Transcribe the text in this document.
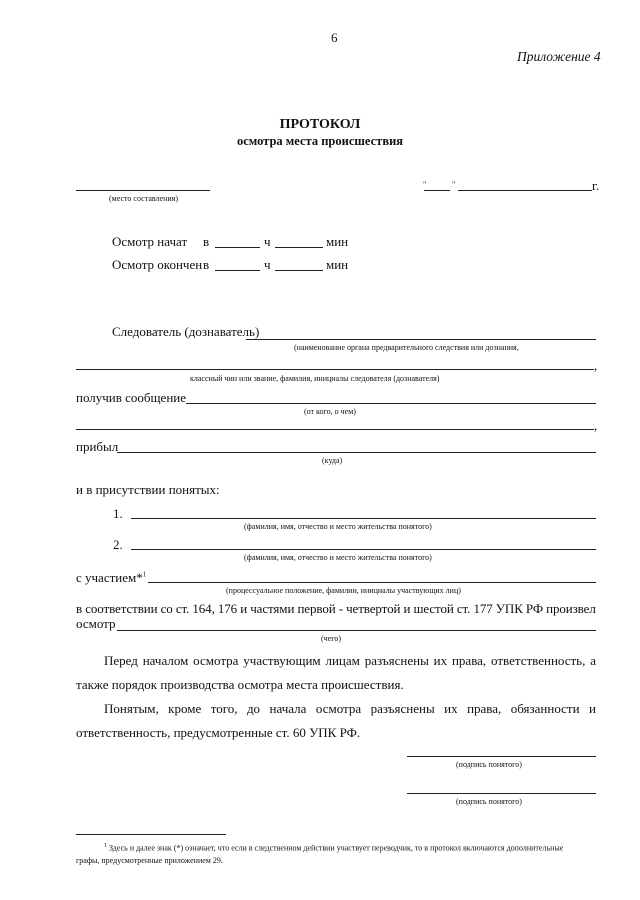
6
Приложение 4
ПРОТОКОЛ
осмотра места происшествия
(место составления)
"	"	г.
Осмотр начат в	ч	мин
Осмотр окончен в	ч	мин
Следователь (дознаватель)
(наименование органа предварительного следствия или дознания,
,
классный чин или звание, фамилия, инициалы следователя (дознавателя)
получив сообщение
(от кого, о чем)
,
прибыл
(куда)
и в присутствии понятых:
1.
(фамилия, имя, отчество и место жительства понятого)
2.
(фамилия, имя, отчество и место жительства понятого)
с участием*$^1$
(процессуальное положение, фамилии, инициалы участвующих лиц)
в соответствии со ст. 164, 176 и частями первой - четвертой и шестой ст. 177 УПК РФ произвел
осмотр
(чего)
Перед началом осмотра участвующим лицам разъяснены их права, ответственность, а также порядок производства осмотра места происшествия.
Понятым, кроме того, до начала осмотра разъяснены их права, обязанности и ответственность, предусмотренные ст. 60 УПК РФ.
(подпись понятого)
(подпись понятого)
$^1$ Здесь и далее знак (*) означает, что если в следственном действии участвует переводчик, то в протокол включаются дополнительные графы, предусмотренные приложением 29.
